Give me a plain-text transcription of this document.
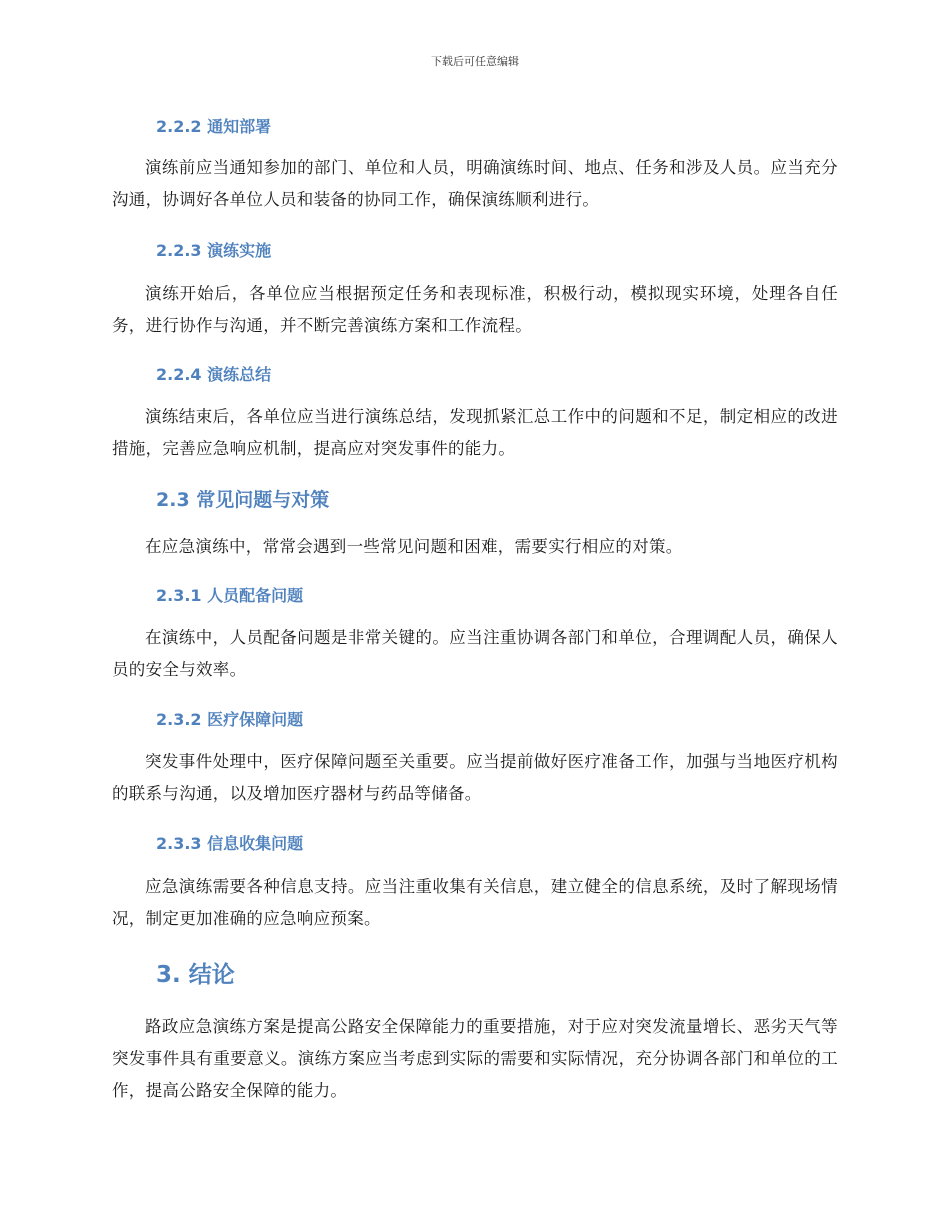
下载后可任意编辑
2.2.2 通知部署

演练前应当通知参加的部门、单位和人员，明确演练时间、地点、任务和涉及人员。应当充分沟通，协调好各单位人员和装备的协同工作，确保演练顺利进行。

2.2.3 演练实施

演练开始后，各单位应当根据预定任务和表现标准，积极行动，模拟现实环境，处理各自任务，进行协作与沟通，并不断完善演练方案和工作流程。

2.2.4 演练总结

演练结束后，各单位应当进行演练总结，发现抓紧汇总工作中的问题和不足，制定相应的改进措施，完善应急响应机制，提高应对突发事件的能力。

2.3 常见问题与对策

在应急演练中，常常会遇到一些常见问题和困难，需要实行相应的对策。

2.3.1 人员配备问题

在演练中，人员配备问题是非常关键的。应当注重协调各部门和单位，合理调配人员，确保人员的安全与效率。

2.3.2 医疗保障问题

突发事件处理中，医疗保障问题至关重要。应当提前做好医疗准备工作，加强与当地医疗机构的联系与沟通，以及增加医疗器材与药品等储备。

2.3.3 信息收集问题

应急演练需要各种信息支持。应当注重收集有关信息，建立健全的信息系统，及时了解现场情况，制定更加准确的应急响应预案。

3. 结论

路政应急演练方案是提高公路安全保障能力的重要措施，对于应对突发流量增长、恶劣天气等突发事件具有重要意义。演练方案应当考虑到实际的需要和实际情况，充分协调各部门和单位的工作，提高公路安全保障的能力。
